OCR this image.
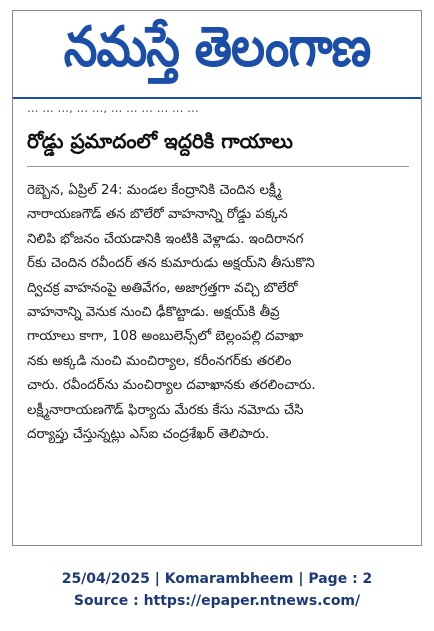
నమస్తే తెలంగాణ
... ... ..., ... ..., ... ... ... ... ... ...
రోడ్డు ప్రమాదంలో ఇద్దరికి గాయాలు
రెబ్బెన, ఏప్రిల్ 24: మండల కేంద్రానికి చెందిన లక్ష్మీ
నారాయణగౌడ్ తన బొలేరో వాహనాన్ని రోడ్డు పక్కన
నిలిపి భోజనం చేయడానికి ఇంటికి వెళ్లాడు. ఇందిరానగ
ర్‌కు చెందిన రవీందర్ తన కుమారుడు అక్షయ్‌ని తీసుకొని
ద్విచక్ర వాహనంపై అతివేగం, అజాగ్రత్తగా వచ్చి బొలేరో
వాహనాన్ని వెనుక నుంచి ఢీకొట్టాడు. అక్షయ్‌కి తీవ్ర
గాయాలు కాగా, 108 అంబులెన్స్‌లో బెల్లంపల్లి దవాఖా
నకు అక్కడి నుంచి మంచిర్యాల, కరీంనగర్‌కు తరలిం
చారు. రవీందర్‌ను మంచిర్యాల దవాఖానకు తరలించారు.
లక్ష్మీనారాయణగౌడ్ ఫిర్యాదు మేరకు కేసు నమోదు చేసి
దర్యాప్తు చేస్తున్నట్లు ఎస్ఐ చంద్రశేఖర్ తెలిపారు.
25/04/2025 | Komarambheem | Page : 2
Source : https://epaper.ntnews.com/
